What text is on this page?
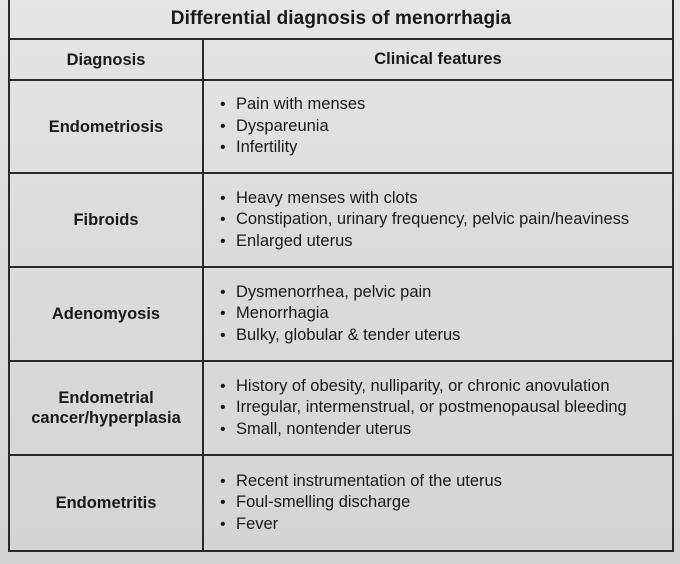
Differential diagnosis of menorrhagia
Diagnosis	Clinical features
Endometriosis
• Pain with menses
• Dyspareunia
• Infertility
Fibroids
• Heavy menses with clots
• Constipation, urinary frequency, pelvic pain/heaviness
• Enlarged uterus
Adenomyosis
• Dysmenorrhea, pelvic pain
• Menorrhagia
• Bulky, globular & tender uterus
Endometrial cancer/hyperplasia
• History of obesity, nulliparity, or chronic anovulation
• Irregular, intermenstrual, or postmenopausal bleeding
• Small, nontender uterus
Endometritis
• Recent instrumentation of the uterus
• Foul-smelling discharge
• Fever
